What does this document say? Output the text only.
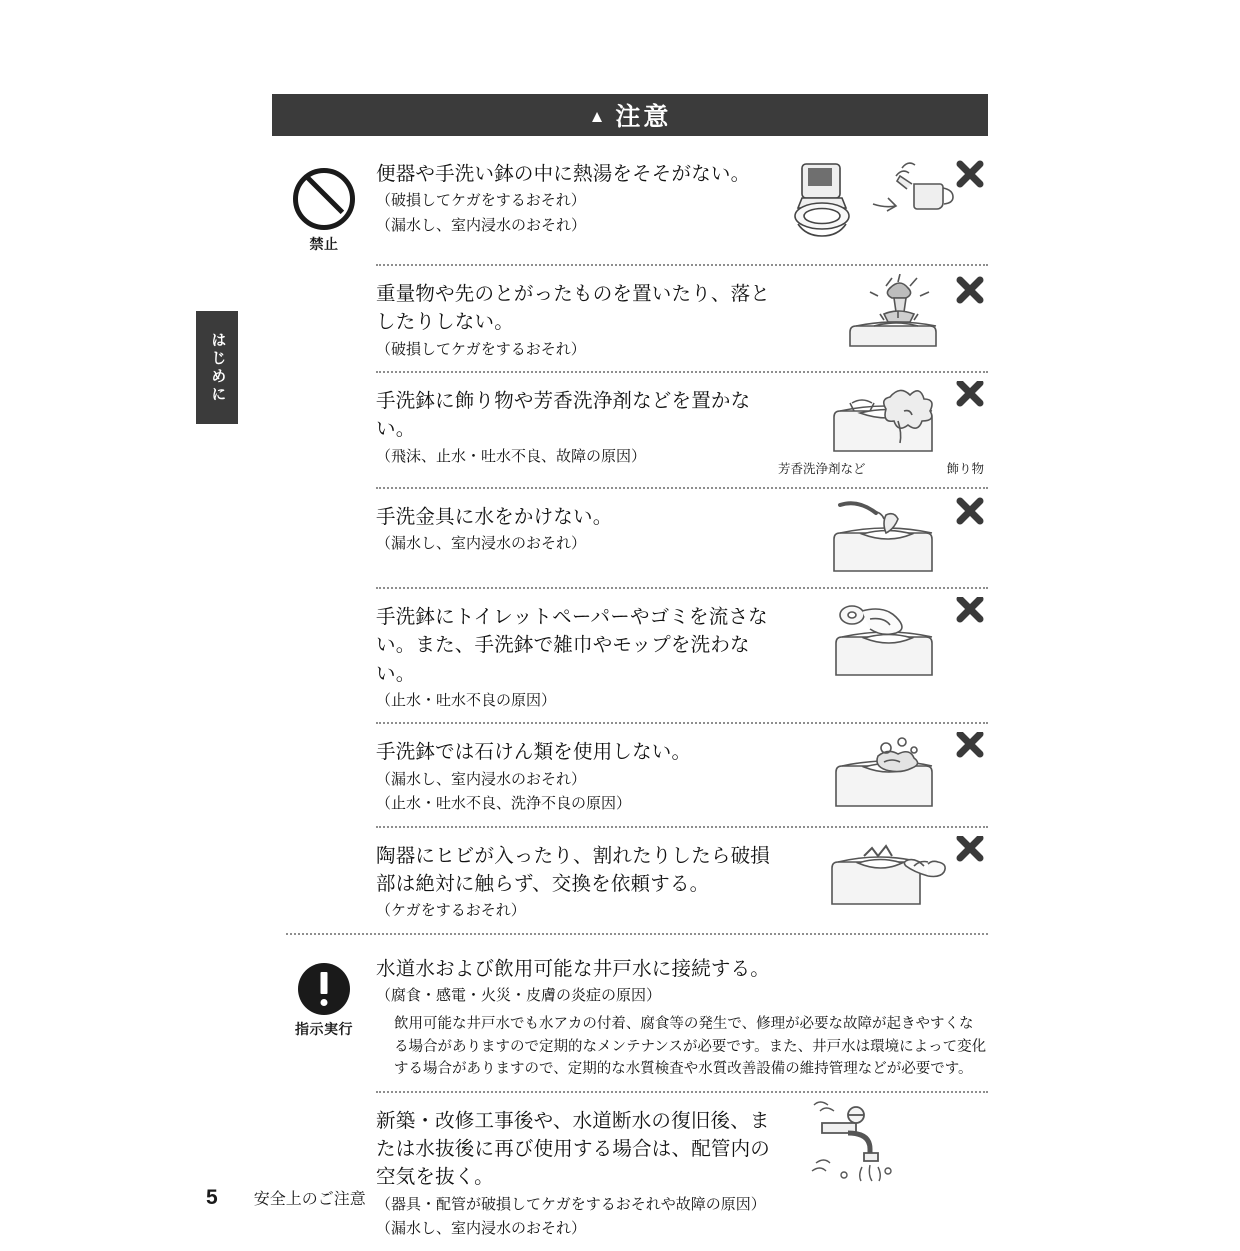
はじめに
▲ 注意
禁止
便器や手洗い鉢の中に熱湯をそそがない。
（破損してケガをするおそれ）
（漏水し、室内浸水のおそれ）
重量物や先のとがったものを置いたり、落としたりしない。
（破損してケガをするおそれ）
手洗鉢に飾り物や芳香洗浄剤などを置かない。
（飛沫、止水・吐水不良、故障の原因）
芳香洗浄剤など	飾り物
手洗金具に水をかけない。
（漏水し、室内浸水のおそれ）
手洗鉢にトイレットペーパーやゴミを流さない。また、手洗鉢で雑巾やモップを洗わない。
（止水・吐水不良の原因）
手洗鉢では石けん類を使用しない。
（漏水し、室内浸水のおそれ）
（止水・吐水不良、洗浄不良の原因）
陶器にヒビが入ったり、割れたりしたら破損部は絶対に触らず、交換を依頼する。
（ケガをするおそれ）
指示実行
水道水および飲用可能な井戸水に接続する。
（腐食・感電・火災・皮膚の炎症の原因）
飲用可能な井戸水でも水アカの付着、腐食等の発生で、修理が必要な故障が起きやすくなる場合がありますので定期的なメンテナンスが必要です。また、井戸水は環境によって変化する場合がありますので、定期的な水質検査や水質改善設備の維持管理などが必要です。
新築・改修工事後や、水道断水の復旧後、または水抜後に再び使用する場合は、配管内の空気を抜く。
（器具・配管が破損してケガをするおそれや故障の原因）
（漏水し、室内浸水のおそれ）
5 安全上のご注意
